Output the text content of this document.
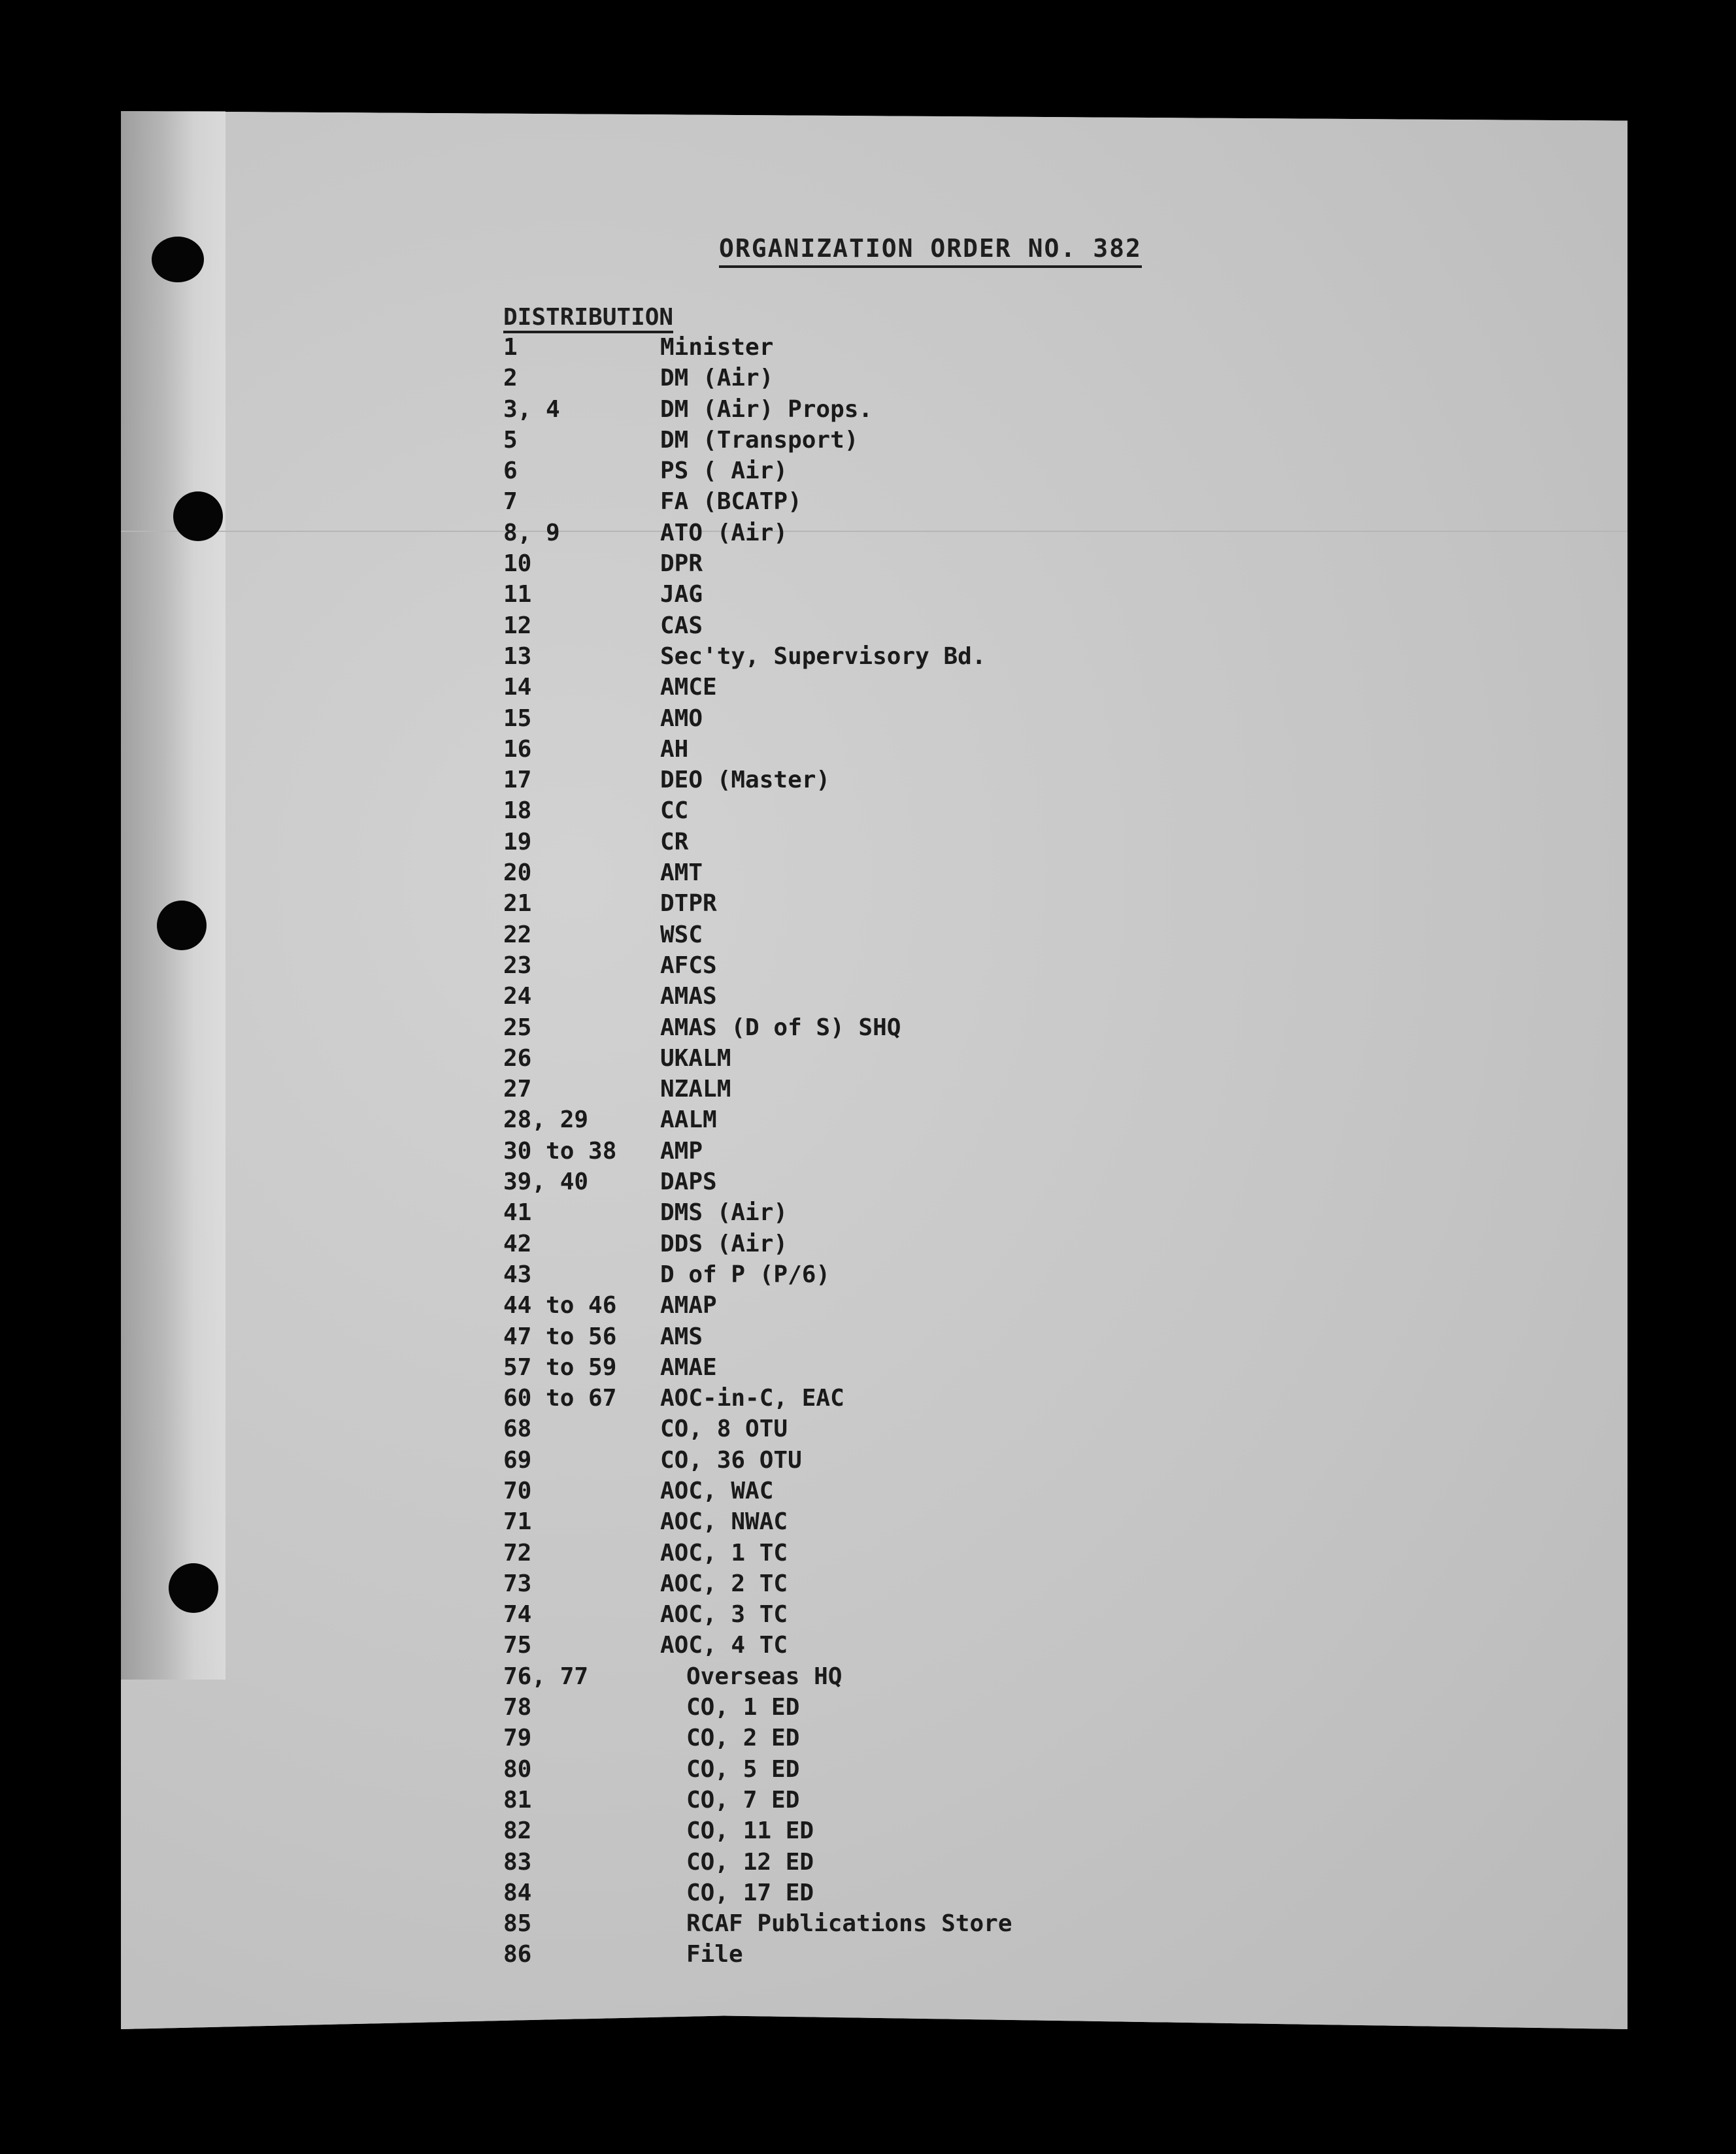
ORGANIZATION ORDER NO. 382
DISTRIBUTION
1	Minister
2	DM (Air)
3, 4	DM (Air) Props.
5	DM (Transport)
6	PS ( Air)
7	FA (BCATP)
8, 9	ATO (Air)
10	DPR
11	JAG
12	CAS
13	Sec'ty, Supervisory Bd.
14	AMCE
15	AMO
16	AH
17	DEO (Master)
18	CC
19	CR
20	AMT
21	DTPR
22	WSC
23	AFCS
24	AMAS
25	AMAS (D of S) SHQ
26	UKALM
27	NZALM
28, 29	AALM
30 to 38 AMP
39, 40	DAPS
41	DMS (Air)
42	DDS (Air)
43	D of P (P/6)
44 to 46 AMAP
47 to 56 AMS
57 to 59 AMAE
60 to 67 AOC-in-C, EAC
68	CO, 8 OTU
69	CO, 36 OTU
70	AOC, WAC
71	AOC, NWAC
72	AOC, 1 TC
73	AOC, 2 TC
74	AOC, 3 TC
75	AOC, 4 TC
76, 77	Overseas HQ
78	CO, 1 ED
79	CO, 2 ED
80	CO, 5 ED
81	CO, 7 ED
82	CO, 11 ED
83	CO, 12 ED
84	CO, 17 ED
85	RCAF Publications Store
86	File
